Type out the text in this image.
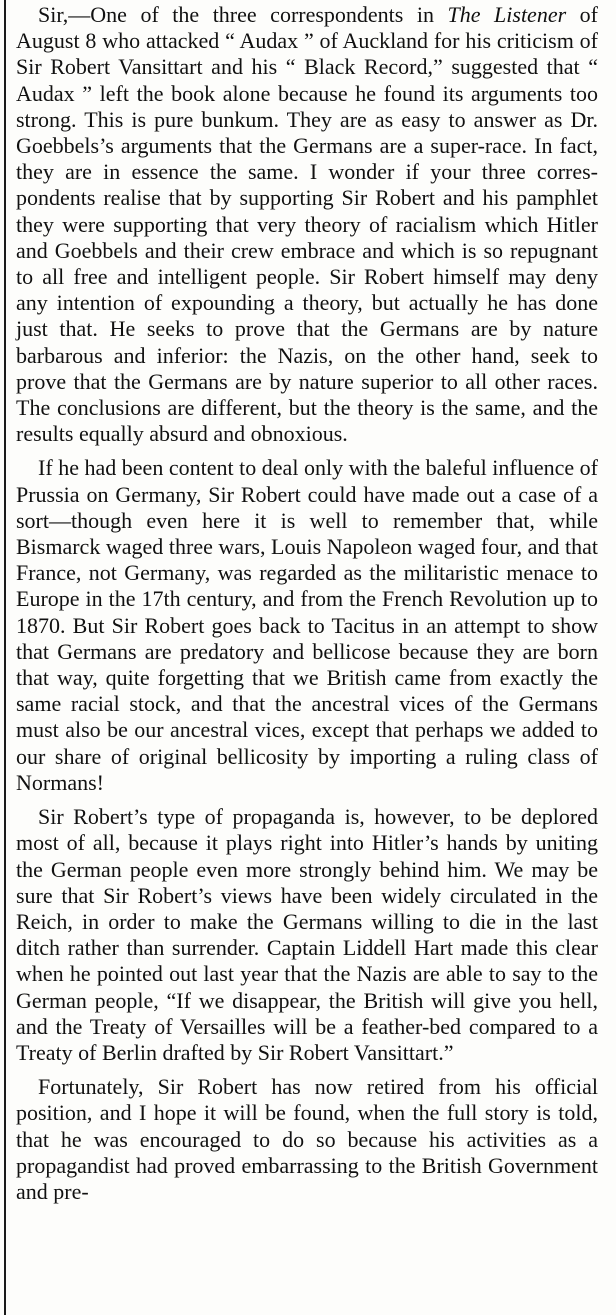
Sir,—One of the three correspondents in The Listener of August 8 who attacked “ Audax ” of Auckland for his criticism of Sir Robert Vansittart and his “ Black Record,” suggested that “ Audax ” left the book alone because he found its arguments too strong. This is pure bunkum. They are as easy to answer as Dr. Goebbels’s arguments that the Germans are a super-race. In fact, they are in essence the same. I wonder if your three correspondents realise that by supporting Sir Robert and his pamphlet they were supporting that very theory of racialism which Hitler and Goebbels and their crew embrace and which is so repugnant to all free and intelligent people. Sir Robert himself may deny any intention of expounding a theory, but actually he has done just that. He seeks to prove that the Germans are by nature barbarous and inferior: the Nazis, on the other hand, seek to prove that the Germans are by nature superior to all other races. The conclusions are different, but the theory is the same, and the results equally absurd and obnoxious.

If he had been content to deal only with the baleful influence of Prussia on Germany, Sir Robert could have made out a case of a sort—though even here it is well to remember that, while Bismarck waged three wars, Louis Napoleon waged four, and that France, not Germany, was regarded as the militaristic menace to Europe in the 17th century, and from the French Revolution up to 1870. But Sir Robert goes back to Tacitus in an attempt to show that Germans are predatory and bellicose because they are born that way, quite forgetting that we British came from exactly the same racial stock, and that the ancestral vices of the Germans must also be our ancestral vices, except that perhaps we added to our share of original bellicosity by importing a ruling class of Normans!

Sir Robert’s type of propaganda is, however, to be deplored most of all, because it plays right into Hitler’s hands by uniting the German people even more strongly behind him. We may be sure that Sir Robert’s views have been widely circulated in the Reich, in order to make the Germans willing to die in the last ditch rather than surrender. Captain Liddell Hart made this clear when he pointed out last year that the Nazis are able to say to the German people, “If we disappear, the British will give you hell, and the Treaty of Versailles will be a feather-bed compared to a Treaty of Berlin drafted by Sir Robert Vansittart.”

Fortunately, Sir Robert has now retired from his official position, and I hope it will be found, when the full story is told, that he was encouraged to do so because his activities as a propagandist had proved embarrassing to the British Government and pre-
